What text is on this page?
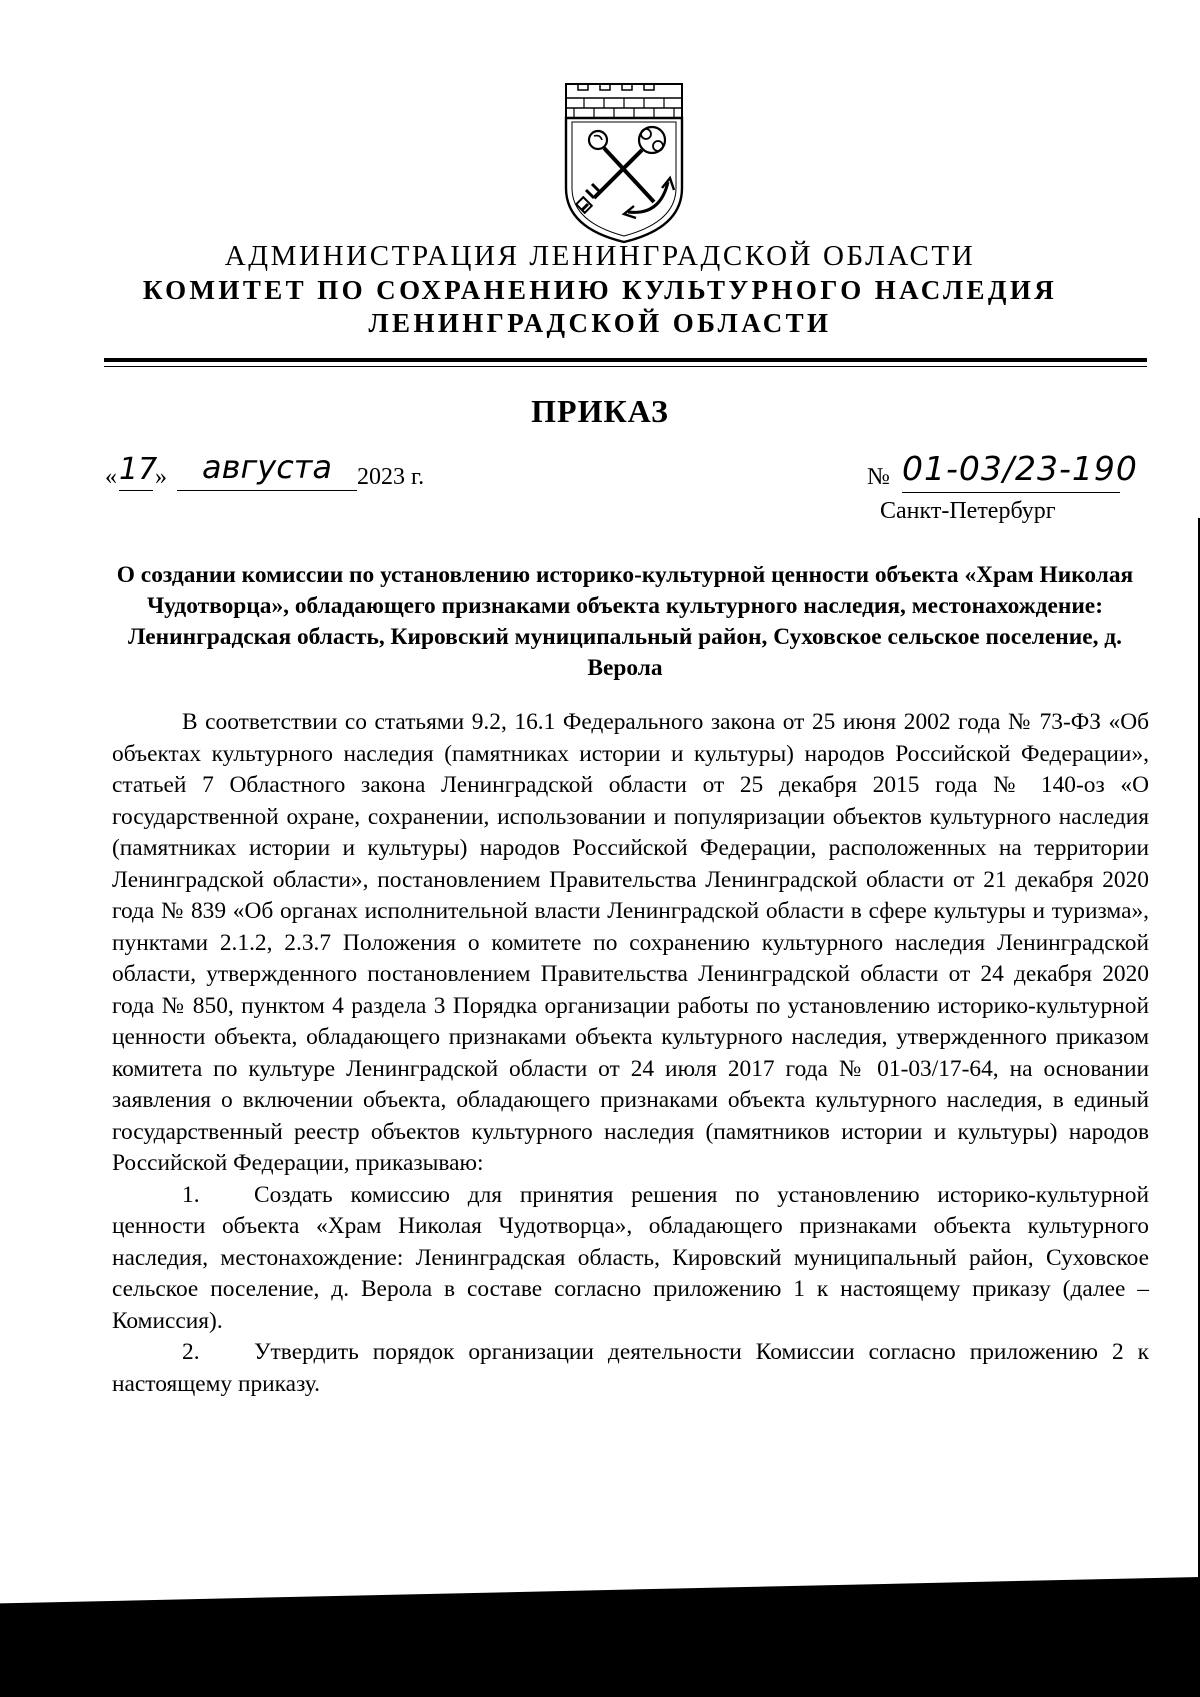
АДМИНИСТРАЦИЯ ЛЕНИНГРАДСКОЙ ОБЛАСТИ
КОМИТЕТ ПО СОХРАНЕНИЮ КУЛЬТУРНОГО НАСЛЕДИЯ
ЛЕНИНГРАДСКОЙ ОБЛАСТИ
ПРИКАЗ
« 17
»	августа	2023 г.	№ 01-03/23-190
Санкт-Петербург
О создании комиссии по установлению историко-культурной ценности объекта «Храм Николая Чудотворца», обладающего признаками объекта культурного наследия, местонахождение: Ленинградская область, Кировский муниципальный район, Суховское сельское поселение, д. Верола

В соответствии со статьями 9.2, 16.1 Федерального закона от 25 июня 2002 года № 73-ФЗ «Об объектах культурного наследия (памятниках истории и культуры) народов Российской Федерации», статьей 7 Областного закона Ленинградской области от 25 декабря 2015 года № 140-оз «О государственной охране, сохранении, использовании и популяризации объектов культурного наследия (памятниках истории и культуры) народов Российской Федерации, расположенных на территории Ленинградской области», постановлением Правительства Ленинградской области от 21 декабря 2020 года № 839 «Об органах исполнительной власти Ленинградской области в сфере культуры и туризма», пунктами 2.1.2, 2.3.7 Положения о комитете по сохранению культурного наследия Ленинградской области, утвержденного постановлением Правительства Ленинградской области от 24 декабря 2020 года № 850, пунктом 4 раздела 3 Порядка организации работы по установлению историко-культурной ценности объекта, обладающего признаками объекта культурного наследия, утвержденного приказом комитета по культуре Ленинградской области от 24 июля 2017 года № 01-03/17-64, на основании заявления о включении объекта, обладающего признаками объекта культурного наследия, в единый государственный реестр объектов культурного наследия (памятников истории и культуры) народов Российской Федерации, приказываю:

1. Создать комиссию для принятия решения по установлению историко-культурной ценности объекта «Храм Николая Чудотворца», обладающего признаками объекта культурного наследия, местонахождение: Ленинградская область, Кировский муниципальный район, Суховское сельское поселение, д. Верола в составе согласно приложению 1 к настоящему приказу (далее – Комиссия).

2. Утвердить порядок организации деятельности Комиссии согласно приложению 2 к настоящему приказу.
